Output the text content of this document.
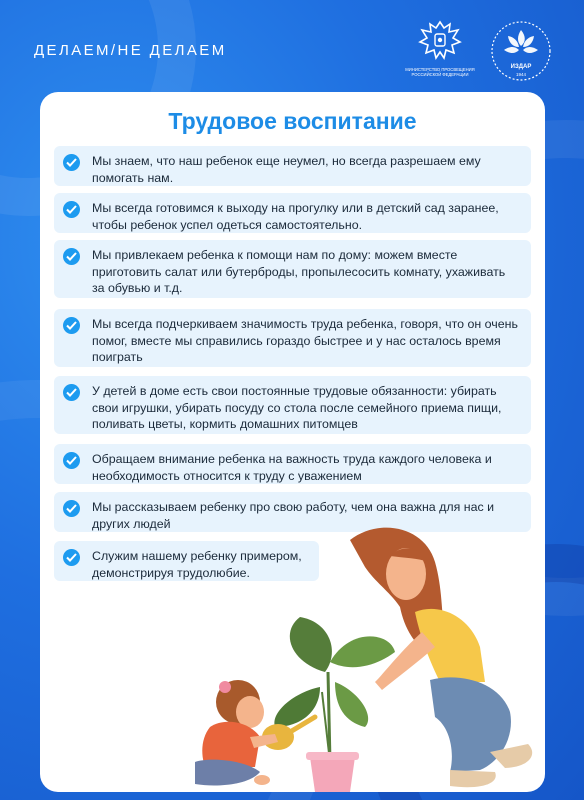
ДЕЛАЕМ/НЕ ДЕЛАЕМ
МИНИСТЕРСТВО ПРОСВЕЩЕНИЯ РОССИЙСКОЙ ФЕДЕРАЦИИ
ИЗДАР
1944
Трудовое воспитание
Мы знаем, что наш ребенок еще неумел, но всегда разрешаем ему помогать нам.
Мы всегда готовимся к выходу на прогулку или в детский сад заранее, чтобы ребенок успел одеться самостоятельно.
Мы привлекаем ребенка к помощи нам по дому: можем вместе приготовить салат или бутерброды, пропылесосить комнату, ухаживать за обувью и т.д.
Мы всегда подчеркиваем значимость труда ребенка, говоря, что он очень помог, вместе мы справились гораздо быстрее и у нас осталось время поиграть
У детей в доме есть свои постоянные трудовые обязанности: убирать свои игрушки, убирать посуду со стола после семейного приема пищи, поливать цветы, кормить домашних питомцев
Обращаем внимание ребенка на важность труда каждого человека и необходимость относится к труду с уважением
Мы рассказываем ребенку про свою работу, чем она важна для нас и других людей
Служим нашему ребенку примером, демонстрируя трудолюбие.
